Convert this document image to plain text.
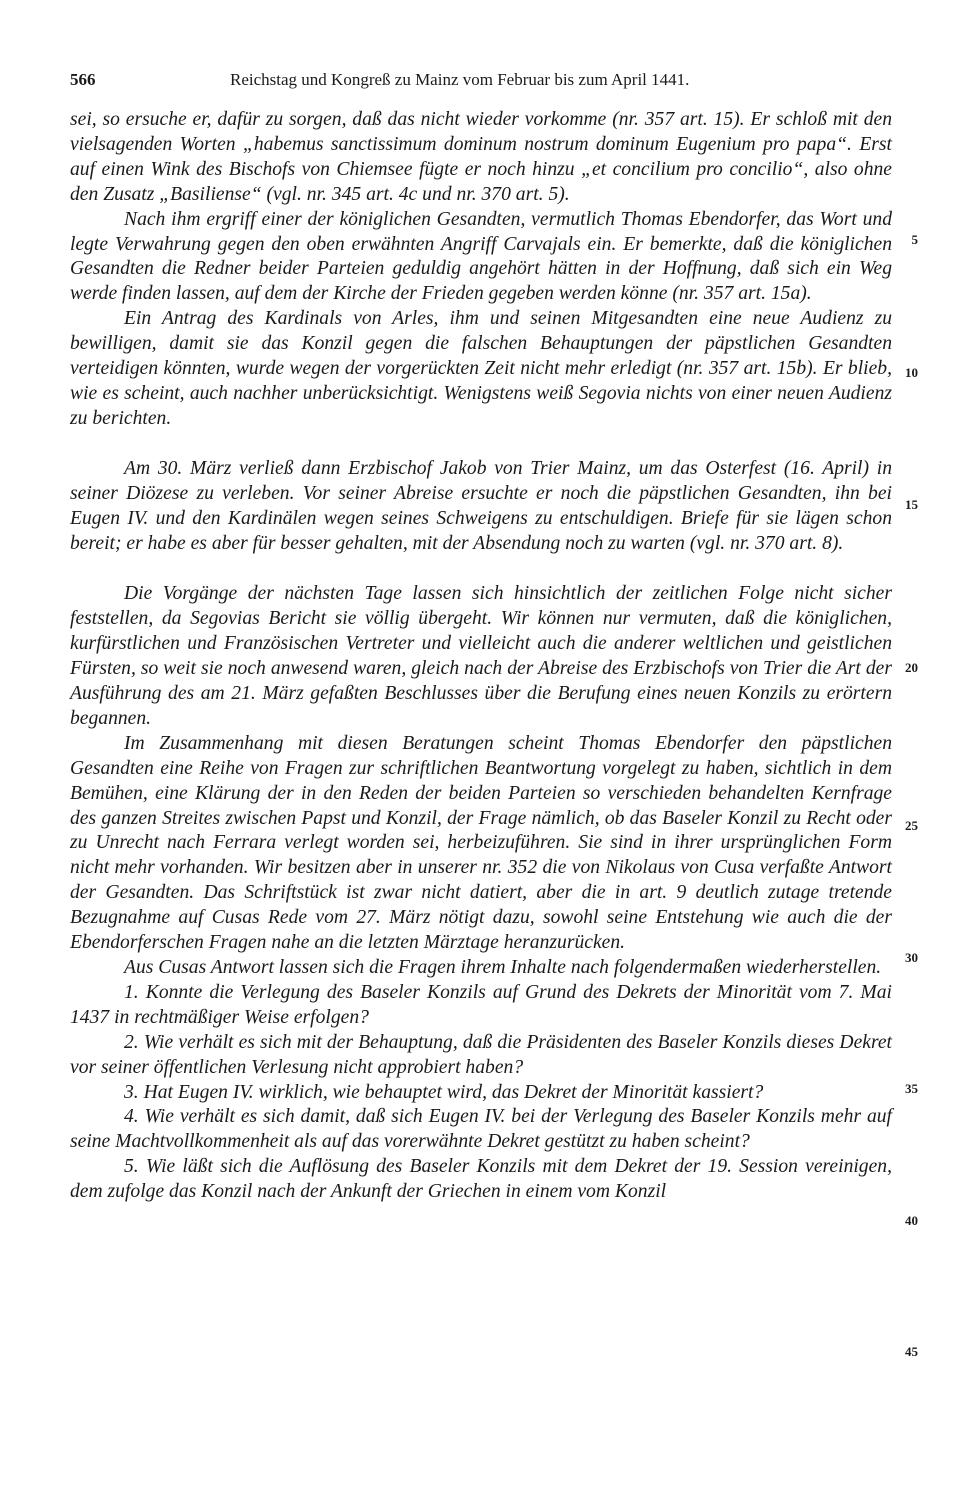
566	Reichstag und Kongreß zu Mainz vom Februar bis zum April 1441.

sei, so ersuche er, dafür zu sorgen, daß das nicht wieder vorkomme (nr. 357 art. 15). Er schloß mit den vielsagenden Worten „habemus sanctissimum dominum nostrum dominum Eugenium pro papa“. Erst auf einen Wink des Bischofs von Chiemsee fügte er noch hinzu „et concilium pro concilio“, also ohne den Zusatz „Basiliense“ (vgl. nr. 345 art. 4c und nr. 370 art. 5).

Nach ihm ergriff einer der königlichen Gesandten, vermutlich Thomas Ebendorfer, das Wort und legte Verwahrung gegen den oben erwähnten Angriff Carvajals ein. Er bemerkte, daß die königlichen Gesandten die Redner beider Parteien geduldig angehört hätten in der Hoffnung, daß sich ein Weg werde finden lassen, auf dem der Kirche der Frieden gegeben werden könne (nr. 357 art. 15a).

Ein Antrag des Kardinals von Arles, ihm und seinen Mitgesandten eine neue Audienz zu bewilligen, damit sie das Konzil gegen die falschen Behauptungen der päpstlichen Gesandten verteidigen könnten, wurde wegen der vorgerückten Zeit nicht mehr erledigt (nr. 357 art. 15b). Er blieb, wie es scheint, auch nachher unberücksichtigt. Wenigstens weiß Segovia nichts von einer neuen Audienz zu berichten.

Am 30. März verließ dann Erzbischof Jakob von Trier Mainz, um das Osterfest (16. April) in seiner Diözese zu verleben. Vor seiner Abreise ersuchte er noch die päpstlichen Gesandten, ihn bei Eugen IV. und den Kardinälen wegen seines Schweigens zu entschuldigen. Briefe für sie lägen schon bereit; er habe es aber für besser gehalten, mit der Absendung noch zu warten (vgl. nr. 370 art. 8).

Die Vorgänge der nächsten Tage lassen sich hinsichtlich der zeitlichen Folge nicht sicher feststellen, da Segovias Bericht sie völlig übergeht. Wir können nur vermuten, daß die königlichen, kurfürstlichen und Französischen Vertreter und vielleicht auch die anderer weltlichen und geistlichen Fürsten, so weit sie noch anwesend waren, gleich nach der Abreise des Erzbischofs von Trier die Art der Ausführung des am 21. März gefaßten Beschlusses über die Berufung eines neuen Konzils zu erörtern begannen.

Im Zusammenhang mit diesen Beratungen scheint Thomas Ebendorfer den päpstlichen Gesandten eine Reihe von Fragen zur schriftlichen Beantwortung vorgelegt zu haben, sichtlich in dem Bemühen, eine Klärung der in den Reden der beiden Parteien so verschieden behandelten Kernfrage des ganzen Streites zwischen Papst und Konzil, der Frage nämlich, ob das Baseler Konzil zu Recht oder zu Unrecht nach Ferrara verlegt worden sei, herbeizuführen. Sie sind in ihrer ursprünglichen Form nicht mehr vorhanden. Wir besitzen aber in unserer nr. 352 die von Nikolaus von Cusa verfaßte Antwort der Gesandten. Das Schriftstück ist zwar nicht datiert, aber die in art. 9 deutlich zutage tretende Bezugnahme auf Cusas Rede vom 27. März nötigt dazu, sowohl seine Entstehung wie auch die der Ebendorferschen Fragen nahe an die letzten Märztage heranzurücken.

Aus Cusas Antwort lassen sich die Fragen ihrem Inhalte nach folgendermaßen wiederherstellen.

1. Konnte die Verlegung des Baseler Konzils auf Grund des Dekrets der Minorität vom 7. Mai 1437 in rechtmäßiger Weise erfolgen?

2. Wie verhält es sich mit der Behauptung, daß die Präsidenten des Baseler Konzils dieses Dekret vor seiner öffentlichen Verlesung nicht approbiert haben?

3. Hat Eugen IV. wirklich, wie behauptet wird, das Dekret der Minorität kassiert?

4. Wie verhält es sich damit, daß sich Eugen IV. bei der Verlegung des Baseler Konzils mehr auf seine Machtvollkommenheit als auf das vorerwähnte Dekret gestützt zu haben scheint?

5. Wie läßt sich die Auflösung des Baseler Konzils mit dem Dekret der 19. Session vereinigen, dem zufolge das Konzil nach der Ankunft der Griechen in einem vom Konzil

5
10
15
20
25
30
35
40
45
